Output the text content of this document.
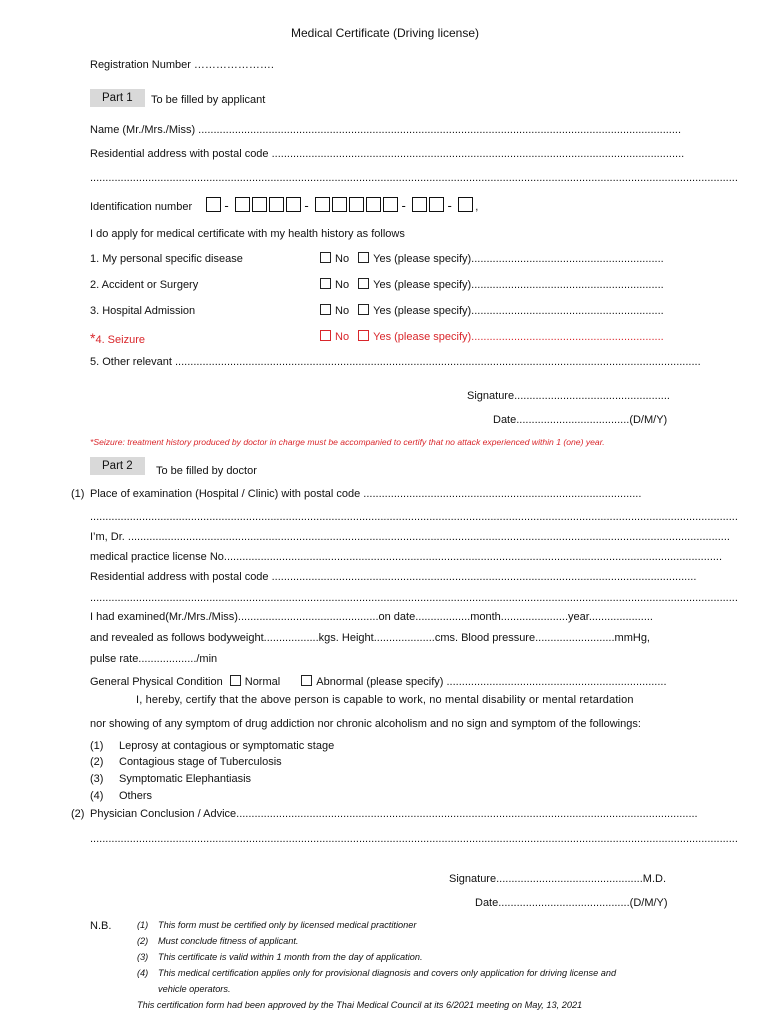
Medical Certificate (Driving license)
Registration Number ………………….
Part 1	To be filled by applicant
Name (Mr./Mrs./Miss) ..............................................................................................................................................................
Residential address with postal code .......................................................................................................................................
....................................................................................................................................................................................................................
Identification number	-	-	-	- ,
I do apply for medical certificate with my health history as follows
1. My personal specific disease	No Yes (please specify)...............................................................
2. Accident or Surgery	No Yes (please specify)...............................................................
3. Hospital Admission	No Yes (please specify)...............................................................
*4. Seizure	No Yes (please specify)...............................................................
5. Other relevant ............................................................................................................................................................................
Signature...................................................
Date.....................................(D/M/Y)
*Seizure: treatment history produced by doctor in charge must be accompanied to certify that no attack experienced within 1 (one) year.
Part 2	To be filled by doctor
(1) Place of examination (Hospital / Clinic) with postal code ...........................................................................................
....................................................................................................................................................................................................................
I’m, Dr. .....................................................................................................................................................................................................
medical practice license No...................................................................................................................................................................
Residential address with postal code ...........................................................................................................................................
....................................................................................................................................................................................................................
I had examined(Mr./Mrs./Miss)..............................................on date..................month......................year.....................
and revealed as follows bodyweight..................kgs. Height....................cms. Blood pressure..........................mmHg,
pulse rate.................../min
General Physical Condition Normal	Abnormal (please specify) ........................................................................
I, hereby, certify that the above person is capable to work, no mental disability or mental retardation
nor showing of any symptom of drug addiction nor chronic alcoholism and no sign and symptom of the followings:
(1) Leprosy at contagious or symptomatic stage
(2) Contagious stage of Tuberculosis
(3) Symptomatic Elephantiasis
(4) Others
(2) Physician Conclusion / Advice.......................................................................................................................................................
....................................................................................................................................................................................................................
Signature................................................M.D.
Date...........................................(D/M/Y)
N.B.	(1) This form must be certified only by licensed medical practitioner
(2) Must conclude fitness of applicant.
(3) This certificate is valid within 1 month from the day of application.
(4) This medical certification applies only for provisional diagnosis and covers only application for driving license and
vehicle operators.
This certification form had been approved by the Thai Medical Council at its 6/2021 meeting on May, 13, 2021
